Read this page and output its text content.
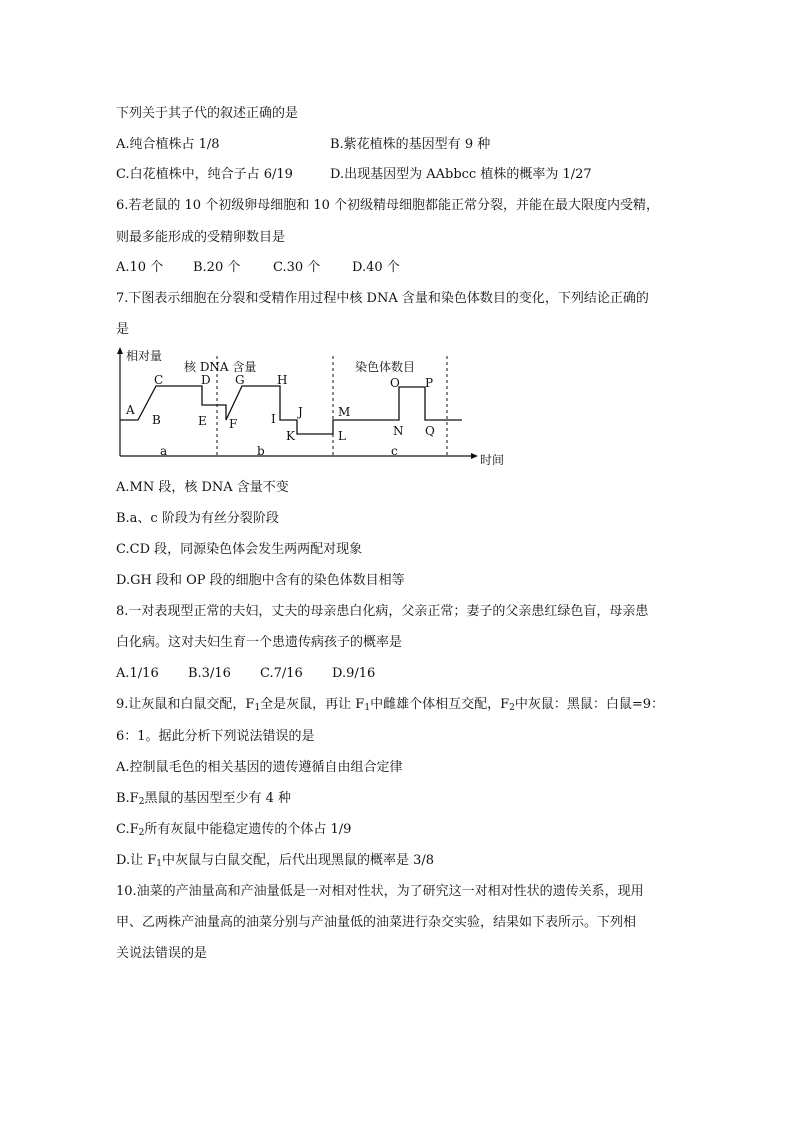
下列关于其子代的叙述正确的是
A.纯合植株占 1/8	B.紫花植株的基因型有 9 种
C.白花植株中，纯合子占 6/19	D.出现基因型为 AAbbcc 植株的概率为 1/27
6.若老鼠的 10 个初级卵母细胞和 10 个初级精母细胞都能正常分裂，并能在最大限度内受精，
则最多能形成的受精卵数目是
A.10 个 B.20 个	C.30 个 D.40 个
7.下图表示细胞在分裂和受精作用过程中核 DNA 含量和染色体数目的变化，下列结论正确的
是
相对量
时间
核 DNA 含量	染色体数目
A
B
C	D
E F
G	H
I J
K
M
L
O P
N Q
a	b	c
A.MN 段，核 DNA 含量不变
B.a、c 阶段为有丝分裂阶段
C.CD 段，同源染色体会发生两两配对现象
D.GH 段和 OP 段的细胞中含有的染色体数目相等
8.一对表现型正常的夫妇，丈夫的母亲患白化病，父亲正常；妻子的父亲患红绿色盲，母亲患
白化病。这对夫妇生育一个患遗传病孩子的概率是
A.1/16 B.3/16 C.7/16 D.9/16
9.让灰鼠和白鼠交配，$F_1$全是灰鼠，再让 $F_1$中雌雄个体相互交配，$F_2$中灰鼠：黑鼠：白鼠=9：
6：1。据此分析下列说法错误的是
A.控制鼠毛色的相关基因的遗传遵循自由组合定律
$B.F_2$黑鼠的基因型至少有 4 种
$C.F_2$所有灰鼠中能稳定遗传的个体占 1/9
D.让 $F_1$中灰鼠与白鼠交配，后代出现黑鼠的概率是 3/8
10.油菜的产油量高和产油量低是一对相对性状，为了研究这一对相对性状的遗传关系，现用
甲、乙两株产油量高的油菜分别与产油量低的油菜进行杂交实验，结果如下表所示。下列相
关说法错误的是
